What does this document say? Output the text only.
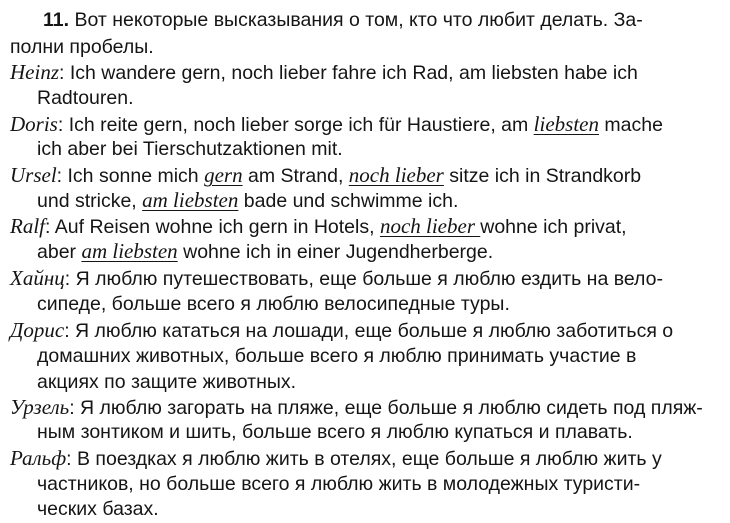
11. Вот некоторые высказывания о том, кто что любит делать. За-
полни пробелы.
Heinz: Ich wandere gern, noch lieber fahre ich Rad, am liebsten habe ich
Radtouren.
Doris: Ich reite gern, noch lieber sorge ich für Haustiere, am liebsten mache
ich aber bei Tierschutzaktionen mit.
Ursel: Ich sonne mich gern am Strand, noch lieber sitze ich in Strandkorb
und stricke, am liebsten bade und schwimme ich.
Ralf: Auf Reisen wohne ich gern in Hotels, noch lieber wohne ich privat,
aber am liebsten wohne ich in einer Jugendherberge.
Хайнц: Я люблю путешествовать, еще больше я люблю ездить на вело-
сипеде, больше всего я люблю велосипедные туры.
Дорис: Я люблю кататься на лошади, еще больше я люблю заботиться о
домашних животных, больше всего я люблю принимать участие в
акциях по защите животных.
Урзель: Я люблю загорать на пляже, еще больше я люблю сидеть под пляж-
ным зонтиком и шить, больше всего я люблю купаться и плавать.
Ральф: В поездках я люблю жить в отелях, еще больше я люблю жить у
частников, но больше всего я люблю жить в молодежных туристи-
ческих базах.
